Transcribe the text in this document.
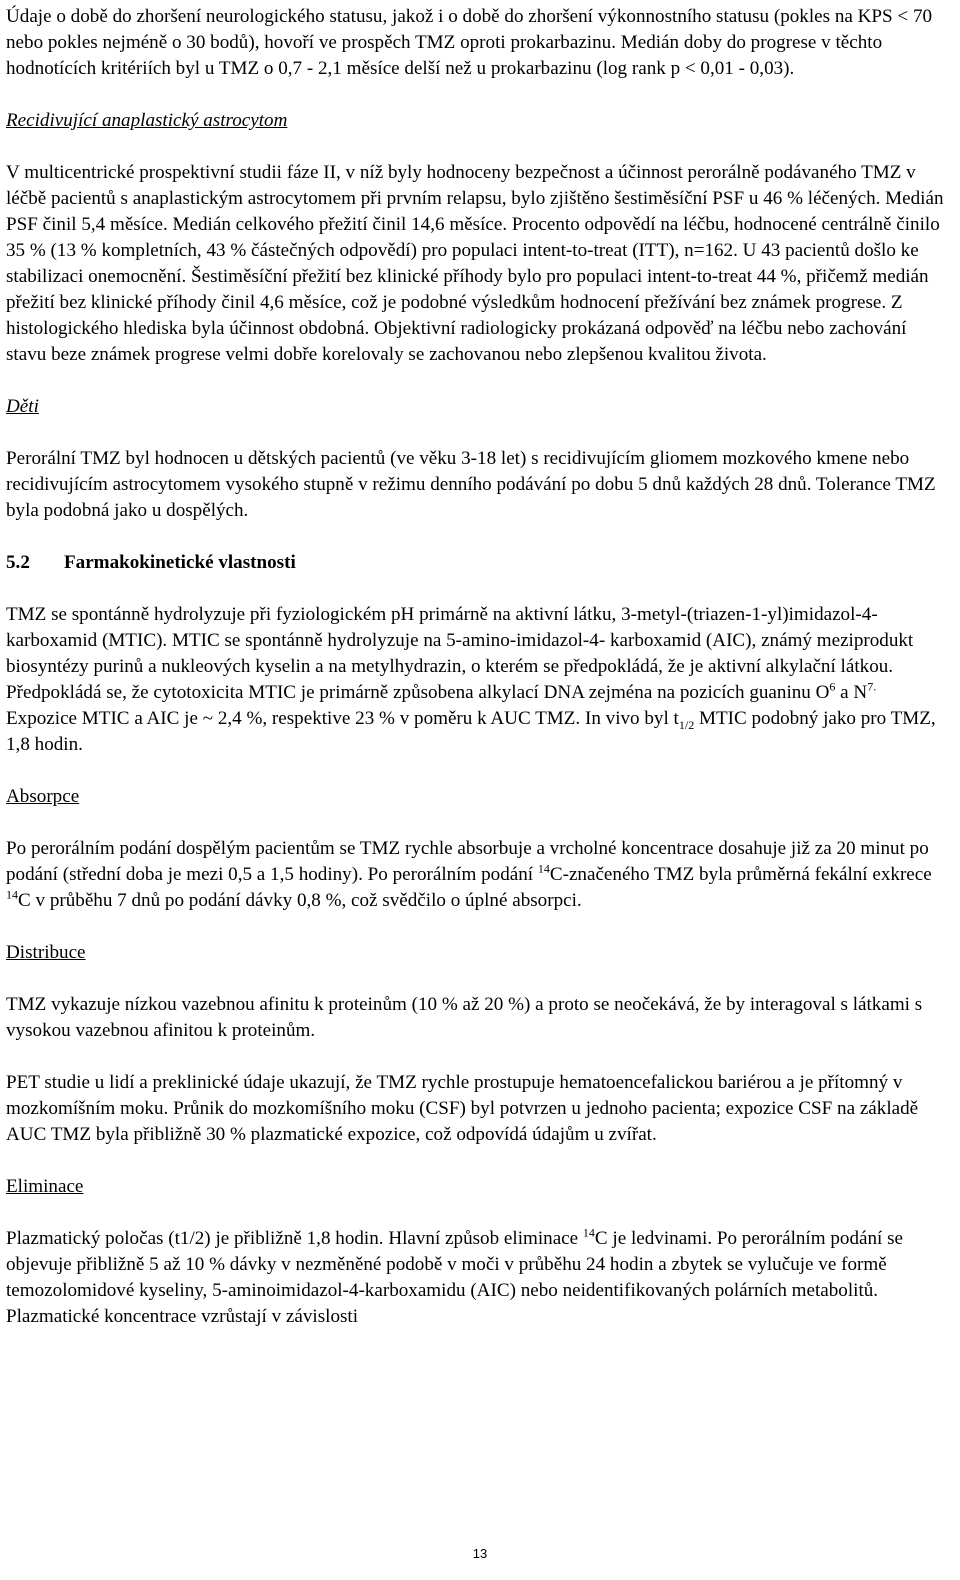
Údaje o době do zhoršení neurologického statusu, jakož i o době do zhoršení výkonnostního statusu (pokles na KPS < 70 nebo pokles nejméně o 30 bodů), hovoří ve prospěch TMZ oproti prokarbazinu. Medián doby do progrese v těchto hodnotících kritériích byl u TMZ o 0,7 - 2,1 měsíce delší než u prokarbazinu (log rank p < 0,01 - 0,03).

Recidivující anaplastický astrocytom

V multicentrické prospektivní studii fáze II, v níž byly hodnoceny bezpečnost a účinnost perorálně podávaného TMZ v léčbě pacientů s anaplastickým astrocytomem při prvním relapsu, bylo zjištěno šestiměsíční PSF u 46 % léčených. Medián PSF činil 5,4 měsíce. Medián celkového přežití činil 14,6 měsíce. Procento odpovědí na léčbu, hodnocené centrálně činilo 35 % (13 % kompletních, 43 % částečných odpovědí) pro populaci intent-to-treat (ITT), n=162. U 43 pacientů došlo ke stabilizaci onemocnění. Šestiměsíční přežití bez klinické příhody bylo pro populaci intent-to-treat 44 %, přičemž medián přežití bez klinické příhody činil 4,6 měsíce, což je podobné výsledkům hodnocení přežívání bez známek progrese. Z histologického hlediska byla účinnost obdobná. Objektivní radiologicky prokázaná odpověď na léčbu nebo zachování stavu beze známek progrese velmi dobře korelovaly se zachovanou nebo zlepšenou kvalitou života.

Děti

Perorální TMZ byl hodnocen u dětských pacientů (ve věku 3-18 let) s recidivujícím gliomem mozkového kmene nebo recidivujícím astrocytomem vysokého stupně v režimu denního podávání po dobu 5 dnů každých 28 dnů. Tolerance TMZ byla podobná jako u dospělých.

5.2 Farmakokinetické vlastnosti

TMZ se spontánně hydrolyzuje při fyziologickém pH primárně na aktivní látku, 3-metyl-(triazen-1-yl)imidazol-4-karboxamid (MTIC). MTIC se spontánně hydrolyzuje na 5-amino-imidazol-4- karboxamid (AIC), známý meziprodukt biosyntézy purinů a nukleových kyselin a na metylhydrazin, o kterém se předpokládá, že je aktivní alkylační látkou. Předpokládá se, že cytotoxicita MTIC je primárně způsobena alkylací DNA zejména na pozicích guaninu $O^6$ a $N^{7.}$ Expozice MTIC a AIC je ~ 2,4 %, respektive 23 % v poměru k AUC TMZ. In vivo byl $t_{1/2}$ MTIC podobný jako pro TMZ, 1,8 hodin.

Absorpce

Po perorálním podání dospělým pacientům se TMZ rychle absorbuje a vrcholné koncentrace dosahuje již za 20 minut po podání (střední doba je mezi 0,5 a 1,5 hodiny). Po perorálním podání $^{14}$C-značeného TMZ byla průměrná fekální exkrece $^{14}$C v průběhu 7 dnů po podání dávky 0,8 %, což svědčilo o úplné absorpci.

Distribuce

TMZ vykazuje nízkou vazebnou afinitu k proteinům (10 % až 20 %) a proto se neočekává, že by interagoval s látkami s vysokou vazebnou afinitou k proteinům.

PET studie u lidí a preklinické údaje ukazují, že TMZ rychle prostupuje hematoencefalickou bariérou a je přítomný v mozkomíšním moku. Průnik do mozkomíšního moku (CSF) byl potvrzen u jednoho pacienta; expozice CSF na základě AUC TMZ byla přibližně 30 % plazmatické expozice, což odpovídá údajům u zvířat.

Eliminace

Plazmatický poločas (t1/2) je přibližně 1,8 hodin. Hlavní způsob eliminace $^{14}$C je ledvinami. Po perorálním podání se objevuje přibližně 5 až 10 % dávky v nezměněné podobě v moči v průběhu 24 hodin a zbytek se vylučuje ve formě temozolomidové kyseliny, 5-aminoimidazol-4-karboxamidu (AIC) nebo neidentifikovaných polárních metabolitů. Plazmatické koncentrace vzrůstají v závislosti

13
